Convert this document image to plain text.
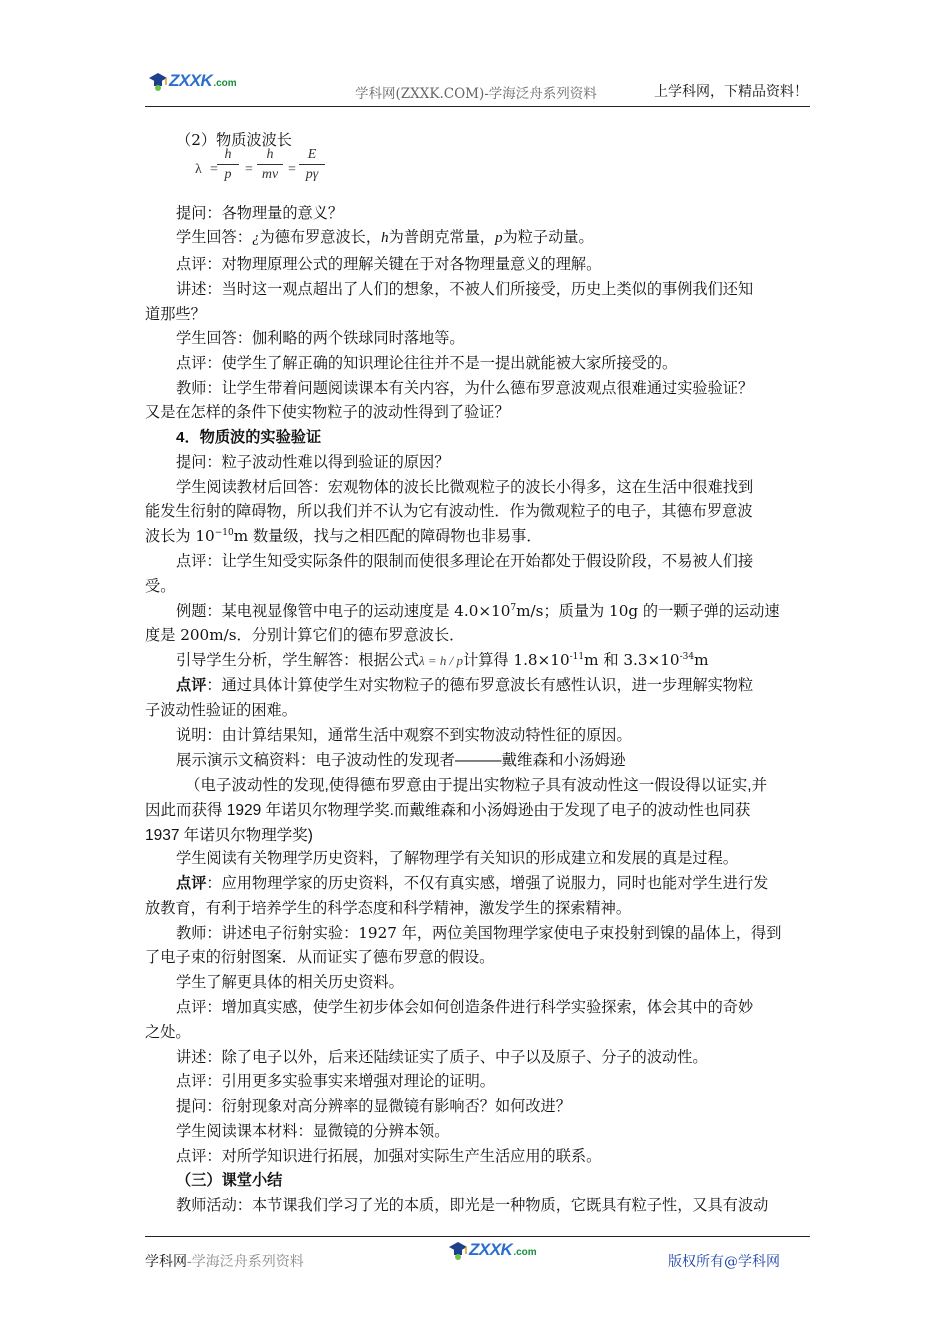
ZXXK .com
学科网(ZXXK.COM)-学海泛舟系列资料	上学科网，下精品资料！
（2）物质波波长
$\lambda = \frac{h}{p} = \frac{h}{mv} = \frac{E}{p\gamma}$
提问：各物理量的意义？
学生回答：¿为德布罗意波长，h为普朗克常量，p为粒子动量。
点评：对物理原理公式的理解关键在于对各物理量意义的理解。
讲述：当时这一观点超出了人们的想象，不被人们所接受，历史上类似的事例我们还知
道那些？
学生回答：伽利略的两个铁球同时落地等。
点评：使学生了解正确的知识理论往往并不是一提出就能被大家所接受的。
教师：让学生带着问题阅读课本有关内容，为什么德布罗意波观点很难通过实验验证？
又是在怎样的条件下使实物粒子的波动性得到了验证？
4．物质波的实验验证
提问：粒子波动性难以得到验证的原因？
学生阅读教材后回答：宏观物体的波长比微观粒子的波长小得多，这在生活中很难找到
能发生衍射的障碍物，所以我们并不认为它有波动性．作为微观粒子的电子，其德布罗意波
波长为 $10^{-10}m$ 数量级，找与之相匹配的障碍物也非易事．
点评：让学生知受实际条件的限制而使很多理论在开始都处于假设阶段，不易被人们接
受。
例题：某电视显像管中电子的运动速度是 $4.0\times 10^7m/s$；质量为 10g 的一颗子弹的运动速
度是 200m/s．分别计算它们的德布罗意波长．
引导学生分析，学生解答：根据公式λ = h / p计算得 $1.8\times 10^{-11}m$ 和 $3.3\times 10^{-34}m$
点评：通过具体计算使学生对实物粒子的德布罗意波长有感性认识，进一步理解实物粒
子波动性验证的困难。
说明：由计算结果知，通常生活中观察不到实物波动特性征的原因。
展示演示文稿资料：电子波动性的发现者———戴维森和小汤姆逊
（电子波动性的发现,使得德布罗意由于提出实物粒子具有波动性这一假设得以证实,并
因此而获得 1929 年诺贝尔物理学奖.而戴维森和小汤姆逊由于发现了电子的波动性也同获
1937 年诺贝尔物理学奖)
学生阅读有关物理学历史资料，了解物理学有关知识的形成建立和发展的真是过程。
点评：应用物理学家的历史资料，不仅有真实感，增强了说服力，同时也能对学生进行发
放教育，有利于培养学生的科学态度和科学精神，激发学生的探索精神。
教师：讲述电子衍射实验：1927 年，两位美国物理学家使电子束投射到镍的晶体上，得到
了电子束的衍射图案．从而证实了德布罗意的假设。
学生了解更具体的相关历史资料。
点评：增加真实感，使学生初步体会如何创造条件进行科学实验探索，体会其中的奇妙
之处。
讲述：除了电子以外，后来还陆续证实了质子、中子以及原子、分子的波动性。
点评：引用更多实验事实来增强对理论的证明。
提问：衍射现象对高分辨率的显微镜有影响否？如何改进？
学生阅读课本材料：显微镜的分辨本领。
点评：对所学知识进行拓展，加强对实际生产生活应用的联系。
（三）课堂小结
教师活动：本节课我们学习了光的本质，即光是一种物质，它既具有粒子性，又具有波动
学科网-学海泛舟系列资料
ZXXK .com
版权所有@学科网
